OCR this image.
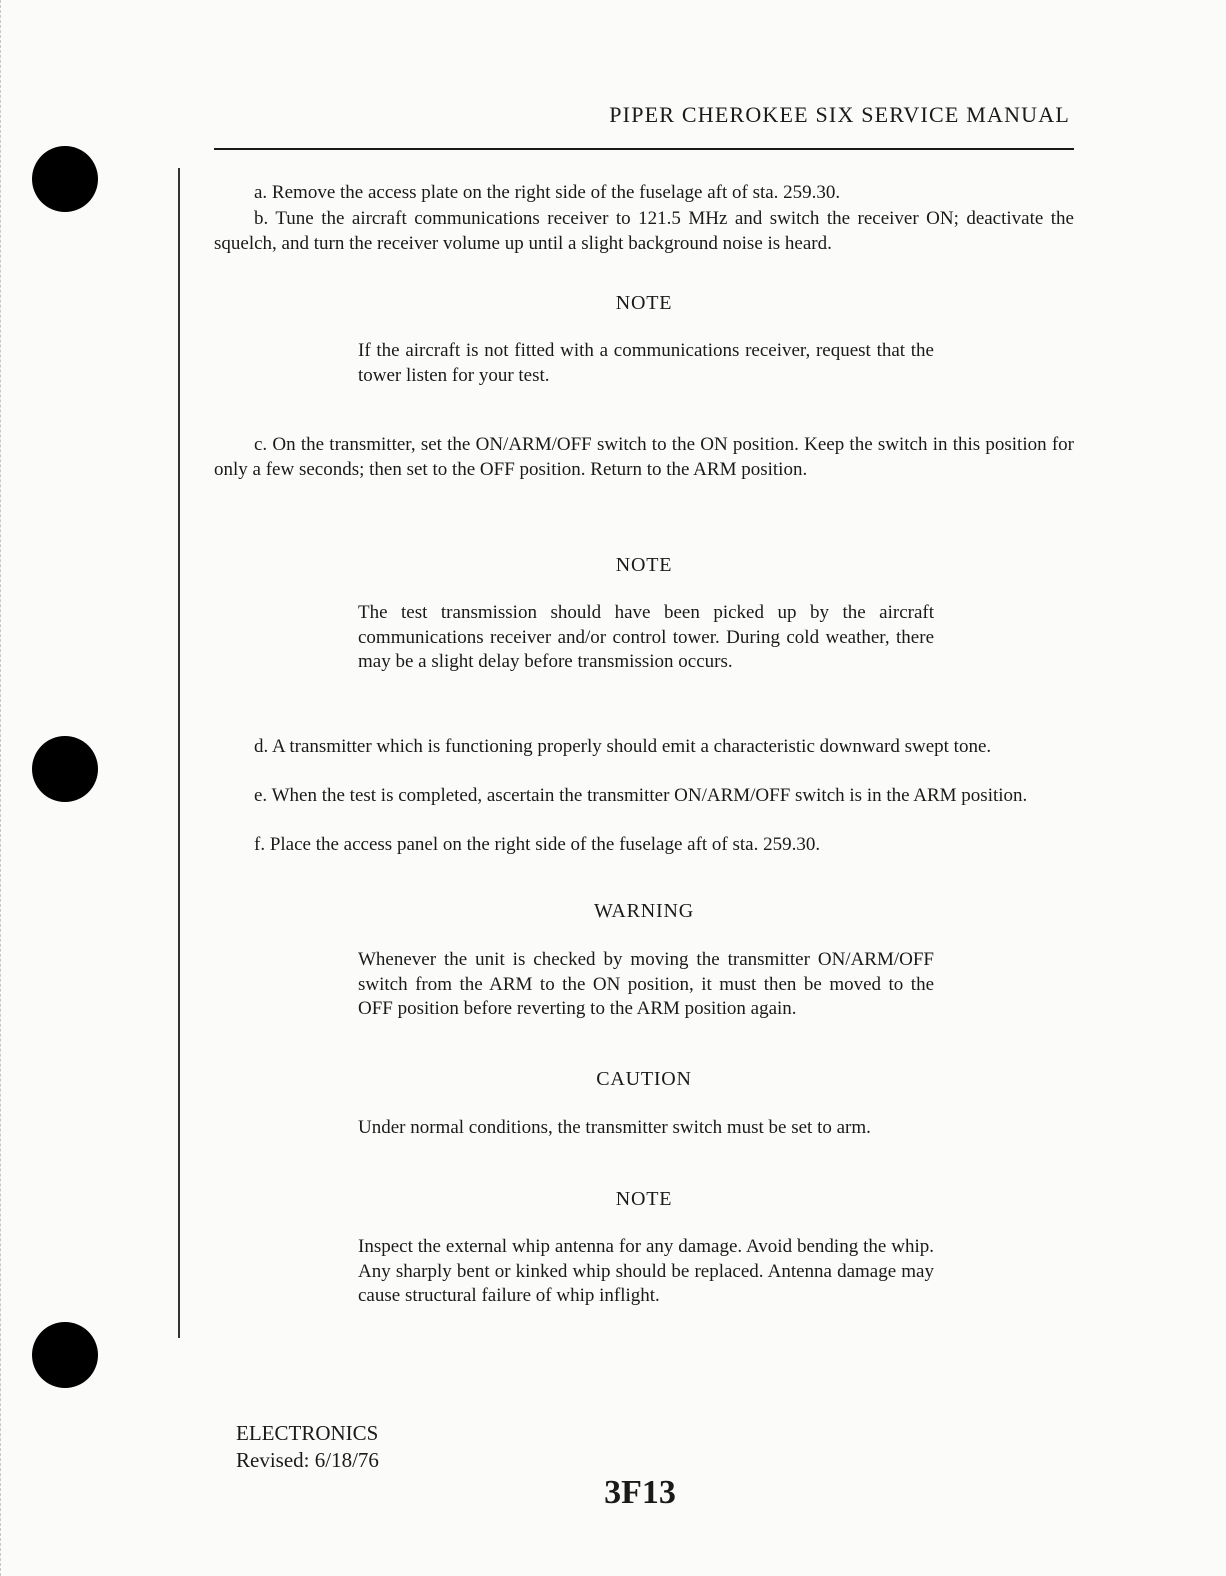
PIPER CHEROKEE SIX SERVICE MANUAL
a. Remove the access plate on the right side of the fuselage aft of sta. 259.30.
b. Tune the aircraft communications receiver to 121.5 MHz and switch the receiver ON; deactivate the squelch, and turn the receiver volume up until a slight background noise is heard.
NOTE
If the aircraft is not fitted with a communications receiver, request that the tower listen for your test.
c. On the transmitter, set the ON/ARM/OFF switch to the ON position. Keep the switch in this position for only a few seconds; then set to the OFF position. Return to the ARM position.
NOTE
The test transmission should have been picked up by the aircraft communications receiver and/or control tower. During cold weather, there may be a slight delay before transmission occurs.
d. A transmitter which is functioning properly should emit a characteristic downward swept tone.
e. When the test is completed, ascertain the transmitter ON/ARM/OFF switch is in the ARM position.
f. Place the access panel on the right side of the fuselage aft of sta. 259.30.
WARNING
Whenever the unit is checked by moving the transmitter ON/ARM/OFF switch from the ARM to the ON position, it must then be moved to the OFF position before reverting to the ARM position again.
CAUTION
Under normal conditions, the transmitter switch must be set to arm.
NOTE
Inspect the external whip antenna for any damage. Avoid bending the whip. Any sharply bent or kinked whip should be replaced. Antenna damage may cause structural failure of whip inflight.
ELECTRONICS
Revised: 6/18/76
3F13
